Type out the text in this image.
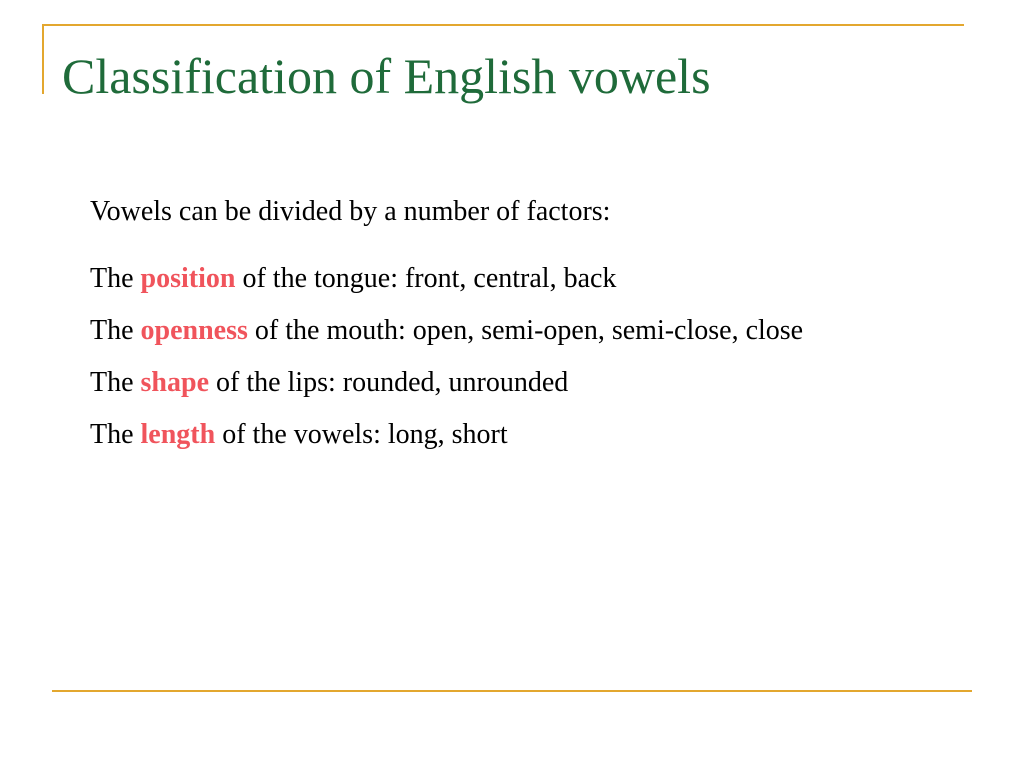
Classification of English vowels

Vowels can be divided by a number of factors:

The position of the tongue: front, central, back

The openness of the mouth: open, semi-open, semi-close, close

The shape of the lips: rounded, unrounded

The length of the vowels: long, short
